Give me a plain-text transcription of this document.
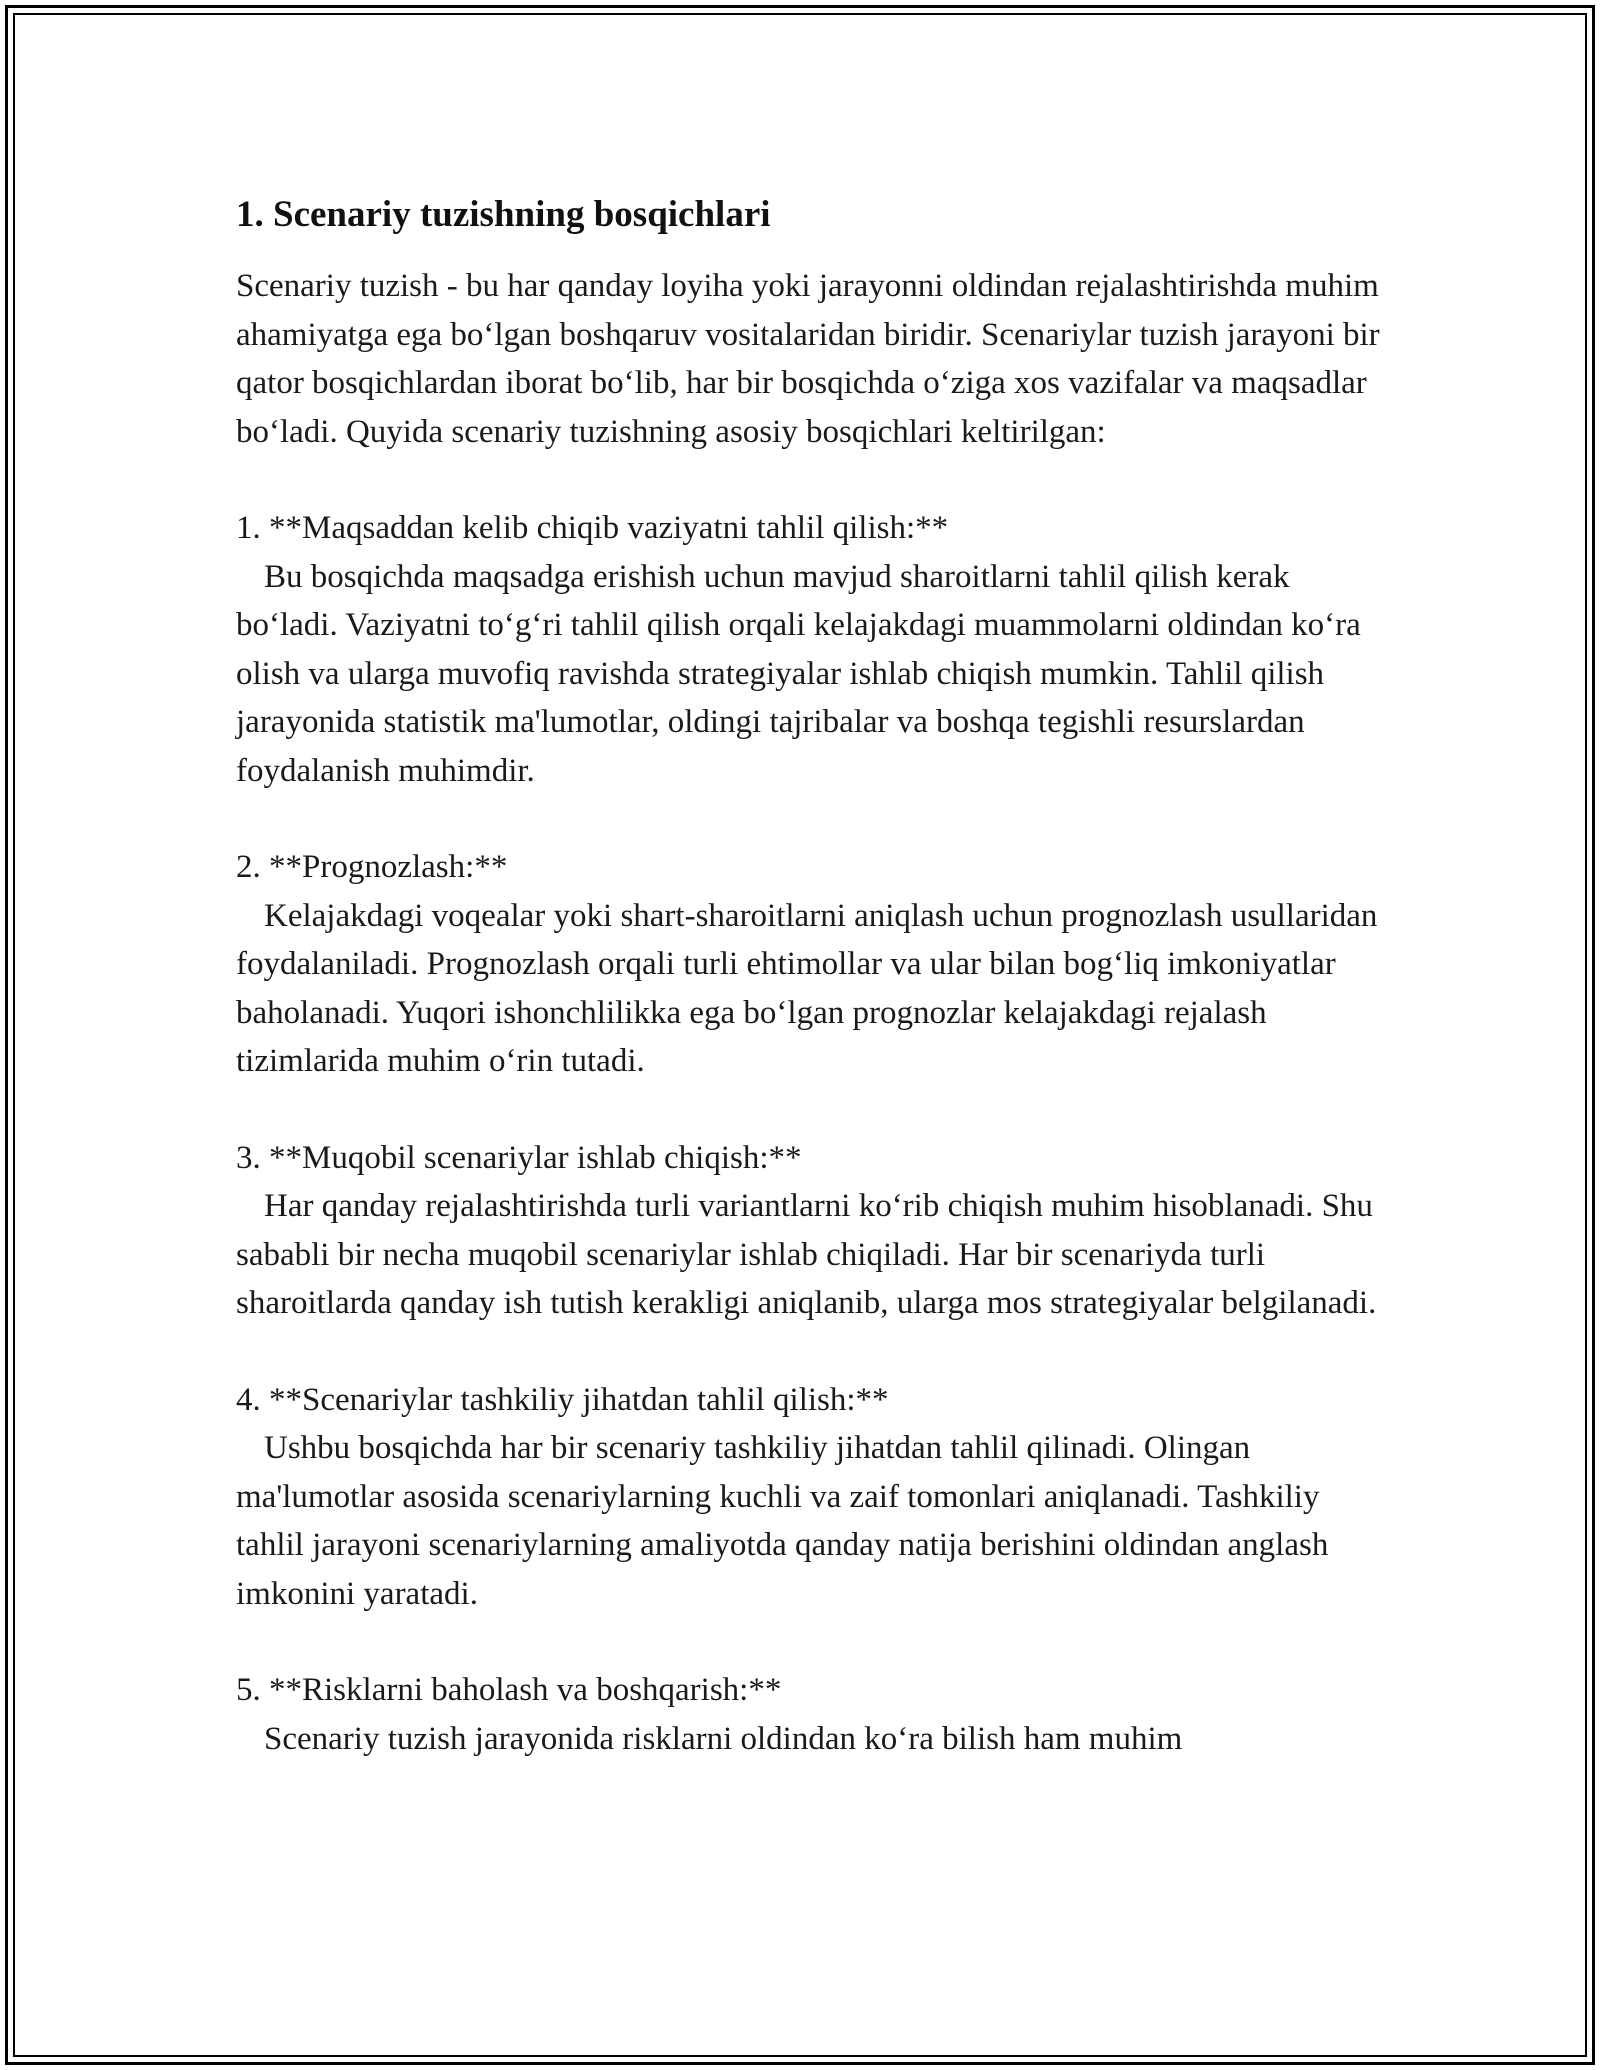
1. Scenariy tuzishning bosqichlari

Scenariy tuzish - bu har qanday loyiha yoki jarayonni oldindan rejalashtirishda muhim ahamiyatga ega bo‘lgan boshqaruv vositalaridan biridir. Scenariylar tuzish jarayoni bir qator bosqichlardan iborat bo‘lib, har bir bosqichda o‘ziga xos vazifalar va maqsadlar bo‘ladi. Quyida scenariy tuzishning asosiy bosqichlari keltirilgan:

1. **Maqsaddan kelib chiqib vaziyatni tahlil qilish:**

Bu bosqichda maqsadga erishish uchun mavjud sharoitlarni tahlil qilish kerak bo‘ladi. Vaziyatni to‘g‘ri tahlil qilish orqali kelajakdagi muammolarni oldindan ko‘ra olish va ularga muvofiq ravishda strategiyalar ishlab chiqish mumkin. Tahlil qilish jarayonida statistik ma'lumotlar, oldingi tajribalar va boshqa tegishli resurslardan foydalanish muhimdir.

2. **Prognozlash:**

Kelajakdagi voqealar yoki shart-sharoitlarni aniqlash uchun prognozlash usullaridan foydalaniladi. Prognozlash orqali turli ehtimollar va ular bilan bog‘liq imkoniyatlar baholanadi. Yuqori ishonchlilikka ega bo‘lgan prognozlar kelajakdagi rejalash tizimlarida muhim o‘rin tutadi.

3. **Muqobil scenariylar ishlab chiqish:**

Har qanday rejalashtirishda turli variantlarni ko‘rib chiqish muhim hisoblanadi. Shu sababli bir necha muqobil scenariylar ishlab chiqiladi. Har bir scenariyda turli sharoitlarda qanday ish tutish kerakligi aniqlanib, ularga mos strategiyalar belgilanadi.

4. **Scenariylar tashkiliy jihatdan tahlil qilish:**

Ushbu bosqichda har bir scenariy tashkiliy jihatdan tahlil qilinadi. Olingan ma'lumotlar asosida scenariylarning kuchli va zaif tomonlari aniqlanadi. Tashkiliy tahlil jarayoni scenariylarning amaliyotda qanday natija berishini oldindan anglash imkonini yaratadi.

5. **Risklarni baholash va boshqarish:**

Scenariy tuzish jarayonida risklarni oldindan ko‘ra bilish ham muhim
